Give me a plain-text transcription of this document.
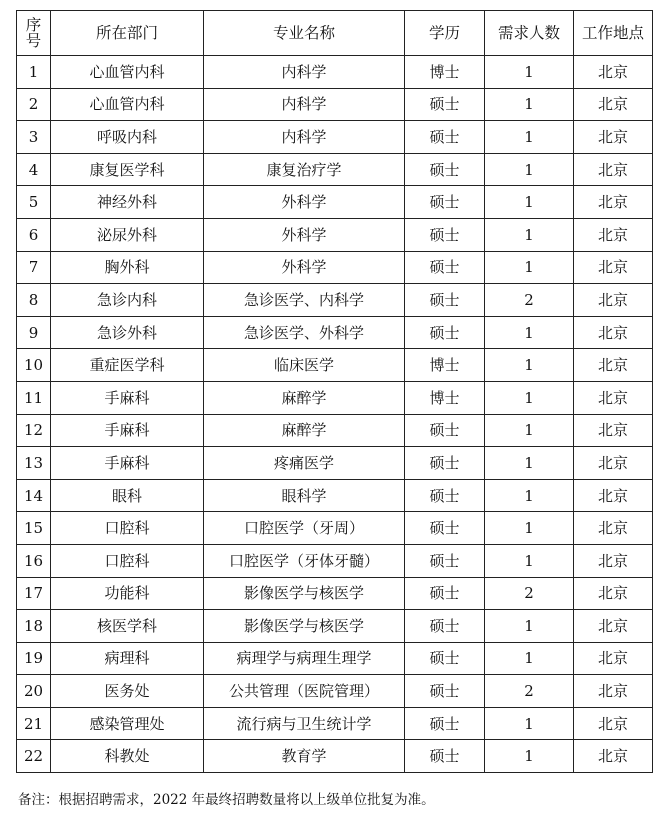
序
号	所在部门	专业名称	学历	需求人数	工作地点
1	心血管内科	内科学	博士	1	北京
2	心血管内科	内科学	硕士	1	北京
3	呼吸内科	内科学	硕士	1	北京
4	康复医学科	康复治疗学	硕士	1	北京
5	神经外科	外科学	硕士	1	北京
6	泌尿外科	外科学	硕士	1	北京
7	胸外科	外科学	硕士	1	北京
8	急诊内科	急诊医学、内科学	硕士	2	北京
9	急诊外科	急诊医学、外科学	硕士	1	北京
10	重症医学科	临床医学	博士	1	北京
11	手麻科	麻醉学	博士	1	北京
12	手麻科	麻醉学	硕士	1	北京
13	手麻科	疼痛医学	硕士	1	北京
14	眼科	眼科学	硕士	1	北京
15	口腔科	口腔医学（牙周）	硕士	1	北京
16	口腔科	口腔医学（牙体牙髓）	硕士	1	北京
17	功能科	影像医学与核医学	硕士	2	北京
18	核医学科	影像医学与核医学	硕士	1	北京
19	病理科	病理学与病理生理学	硕士	1	北京
20	医务处	公共管理（医院管理）	硕士	2	北京
21	感染管理处	流行病与卫生统计学	硕士	1	北京
22	科教处	教育学	硕士	1	北京
备注：根据招聘需求，2022 年最终招聘数量将以上级单位批复为准。
